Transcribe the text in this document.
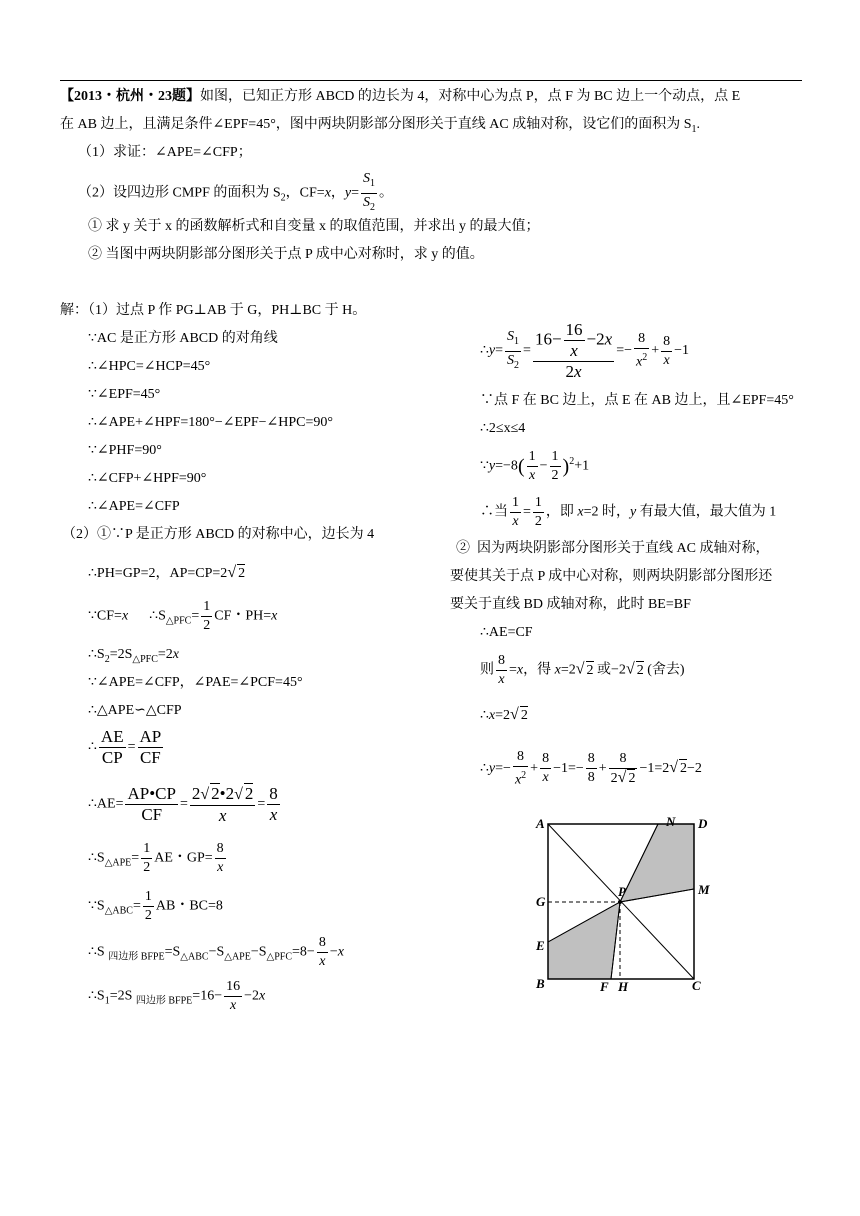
【2013・杭州・23题】如图，已知正方形 ABCD 的边长为 4，对称中心为点 P，点 F 为 BC 边上一个动点，点 E
在 AB 边上，且满足条件∠EPF=45°，图中两块阴影部分图形关于直线 AC 成轴对称，设它们的面积为 $S_1$.
（1）求证：∠APE=∠CFP；
（2）设四边形 CMPF 的面积为 $S_2$，CF=x，$y= \frac{S_1}{S_2}$ 。
① 求 y 关于 x 的函数解析式和自变量 x 的取值范围，并求出 y 的最大值；
② 当图中两块阴影部分图形关于点 P 成中心对称时，求 y 的值。
解：（1）过点 P 作 PG⊥AB 于 G，PH⊥BC 于 H。
∵AC 是正方形 ABCD 的对角线
∴∠HPC=∠HCP=45°
∵∠EPF=45°
∴∠APE+∠HPF=180°−∠EPF−∠HPC=90°
∵∠PHF=90°
∴∠CFP+∠HPF=90°
∴∠APE=∠CFP
（2）①∵P 是正方形 ABCD 的对称中心，边长为 4
∴PH=GP=2，AP=CP=2√ 2
∵CF=x      $\therefore S_{\triangle PFC}= \frac{1}{2}$ CF・PH=x
$\therefore S_2=2S_{\triangle PFC}=2x$
∵∠APE=∠CFP，∠PAE=∠PCF=45°
∴△APE∽△CFP
∴ $\frac{AE}{CP} = \frac{AP}{CF}$
∴AE= $\frac{AP•CP}{CF} = \frac{2√ 2•2√ 2}{x} = \frac{8}{x}$
$\therefore S_{\triangle APE}= \frac{1}{2}$ AE・$GP= \frac{8}{x}$
$\because S_{\triangle ABC}= \frac{1}{2}$ AB・BC=8
∴S $_{四边形 BFPE}=S_{\triangle ABC}-S_{\triangle APE}-S_{\triangle PFC}=8- \frac{8}{x} -x$
$\therefore S_1=2S$ $_{四边形 BFPE}=16- \frac{16}{x} -2x$
∴y= $\frac{S_1}{S_2} = \frac{16- \frac{16}{x} -2x}{2x} =- \frac{8}{x^2} + \frac{8}{x} -1$
∵点 F 在 BC 边上，点 E 在 AB 边上，且∠EPF=45°
∴2≤x≤4
∵y=−8( $\frac{1}{x} - \frac{1}{2} )^2+1$
∴当 $\frac{1}{x} = \frac{1}{2}$ ，即 x=2 时，y 有最大值，最大值为 1
②  因为两块阴影部分图形关于直线 AC 成轴对称，
要使其关于点 P 成中心对称，则两块阴影部分图形还
要关于直线 BD 成轴对称，此时 BE=BF
∴AE=CF
则 $\frac{8}{x} =x$，得 x=2√ 2 或−2√ 2 (舍去)
∴x=2√ 2
∴y=− $\frac{8}{x^2} + \frac{8}{x} -1=- \frac{8}{8} + \frac{8}{2√ 2} -1=2√$ 2−2
A	N D
G
P	M
E
B	F H	C
